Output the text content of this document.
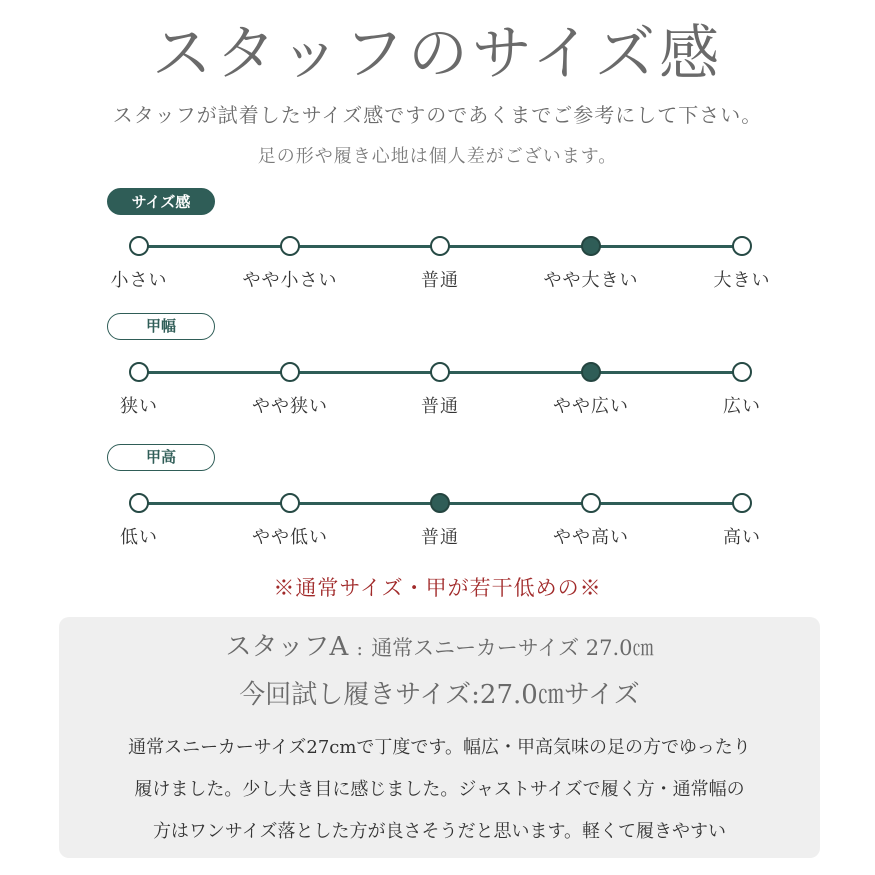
スタッフのサイズ感
スタッフが試着したサイズ感ですのであくまでご参考にして下さい。
足の形や履き心地は個人差がございます。
サイズ感
小さい	やや小さい	普通	やや大きい	大きい
甲幅
狭い	やや狭い	普通	やや広い	広い
甲高
低い	やや低い	普通	やや高い	高い
※通常サイズ・甲が若干低めの※
スタッフA : 通常スニーカーサイズ 27.0㎝
今回試し履きサイズ:27.0㎝サイズ
通常スニーカーサイズ27cmで丁度です。幅広・甲高気味の足の方でゆったり
履けました。少し大き目に感じました。ジャストサイズで履く方・通常幅の
方はワンサイズ落とした方が良さそうだと思います。軽くて履きやすい
